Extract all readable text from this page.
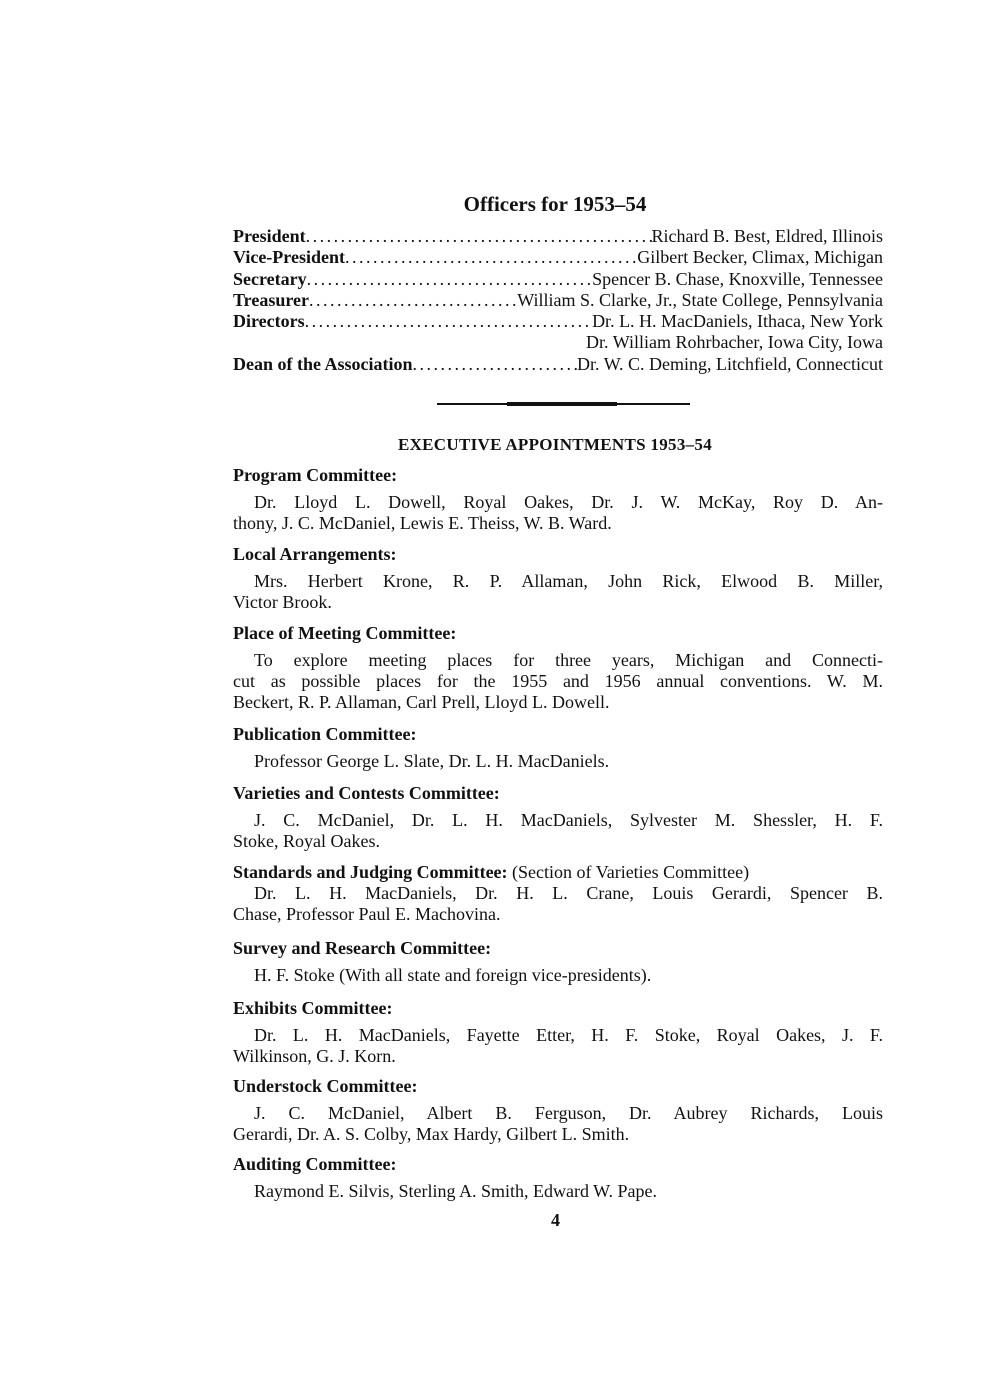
Officers for 1953–54
President . . .	Richard B. Best, Eldred, Illinois
Vice-President . . .	Gilbert Becker, Climax, Michigan
Secretary . . .	Spencer B. Chase, Knoxville, Tennessee
Treasurer . . .	William S. Clarke, Jr., State College, Pennsylvania
Directors . . .	Dr. L. H. MacDaniels, Ithaca, New York
Dr. William Rohrbacher, Iowa City, Iowa
Dean of the Association . . .	Dr. W. C. Deming, Litchfield, Connecticut
EXECUTIVE APPOINTMENTS 1953–54
Program Committee:
Dr. Lloyd L. Dowell, Royal Oakes, Dr. J. W. McKay, Roy D. An-
thony, J. C. McDaniel, Lewis E. Theiss, W. B. Ward.
Local Arrangements:
Mrs. Herbert Krone, R. P. Allaman, John Rick, Elwood B. Miller,
Victor Brook.
Place of Meeting Committee:
To explore meeting places for three years, Michigan and Connecti-
cut as possible places for the 1955 and 1956 annual conventions. W. M.
Beckert, R. P. Allaman, Carl Prell, Lloyd L. Dowell.
Publication Committee:
Professor George L. Slate, Dr. L. H. MacDaniels.
Varieties and Contests Committee:
J. C. McDaniel, Dr. L. H. MacDaniels, Sylvester M. Shessler, H. F.
Stoke, Royal Oakes.
Standards and Judging Committee: (Section of Varieties Committee)
Dr. L. H. MacDaniels, Dr. H. L. Crane, Louis Gerardi, Spencer B.
Chase, Professor Paul E. Machovina.
Survey and Research Committee:
H. F. Stoke (With all state and foreign vice-presidents).
Exhibits Committee:
Dr. L. H. MacDaniels, Fayette Etter, H. F. Stoke, Royal Oakes, J. F.
Wilkinson, G. J. Korn.
Understock Committee:
J. C. McDaniel, Albert B. Ferguson, Dr. Aubrey Richards, Louis
Gerardi, Dr. A. S. Colby, Max Hardy, Gilbert L. Smith.
Auditing Committee:
Raymond E. Silvis, Sterling A. Smith, Edward W. Pape.
4
